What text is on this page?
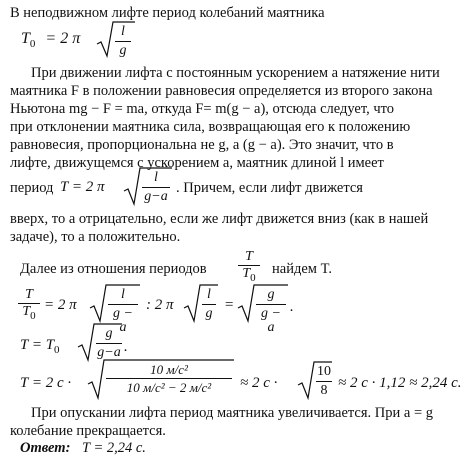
В неподвижном лифте период колебаний маятника
$T_0 = 2$ π	l
g
При движении лифта с постоянным ускорением a натяжение нити
маятника F в положении равновесия определяется из второго закона
Ньютона mg − F = ma, откуда F= m(g − a), отсюда следует, что
при отклонении маятника сила, возвращающая его к положению
равновесия, пропорциональна не g, а (g − a). Это значит, что в
лифте, движущемся с ускорением a, маятник длиной l имеет
период T = 2 π
l
g−a
. Причем, если лифт движется
вверх, то a отрицательно, если же лифт движется вниз (как в нашей
задаче), то a положительно.
Далее из отношения периодов
T
$T_0$
найдем T.
T
$T_0$
= 2 π
l
g − a
: 2 π
l
g
=
g
g − a
.
$T = T_0$
g
g−a .
T = 2 с ·
10 м/с²
10 м/с² − 2 м/с²	≈ 2 с ·
10
8 ≈ 2 с · 1,12 ≈ 2,24 с.
При опускании лифта период маятника увеличивается. При a = g
колебание прекращается.
Ответ: T = 2,24 с.
